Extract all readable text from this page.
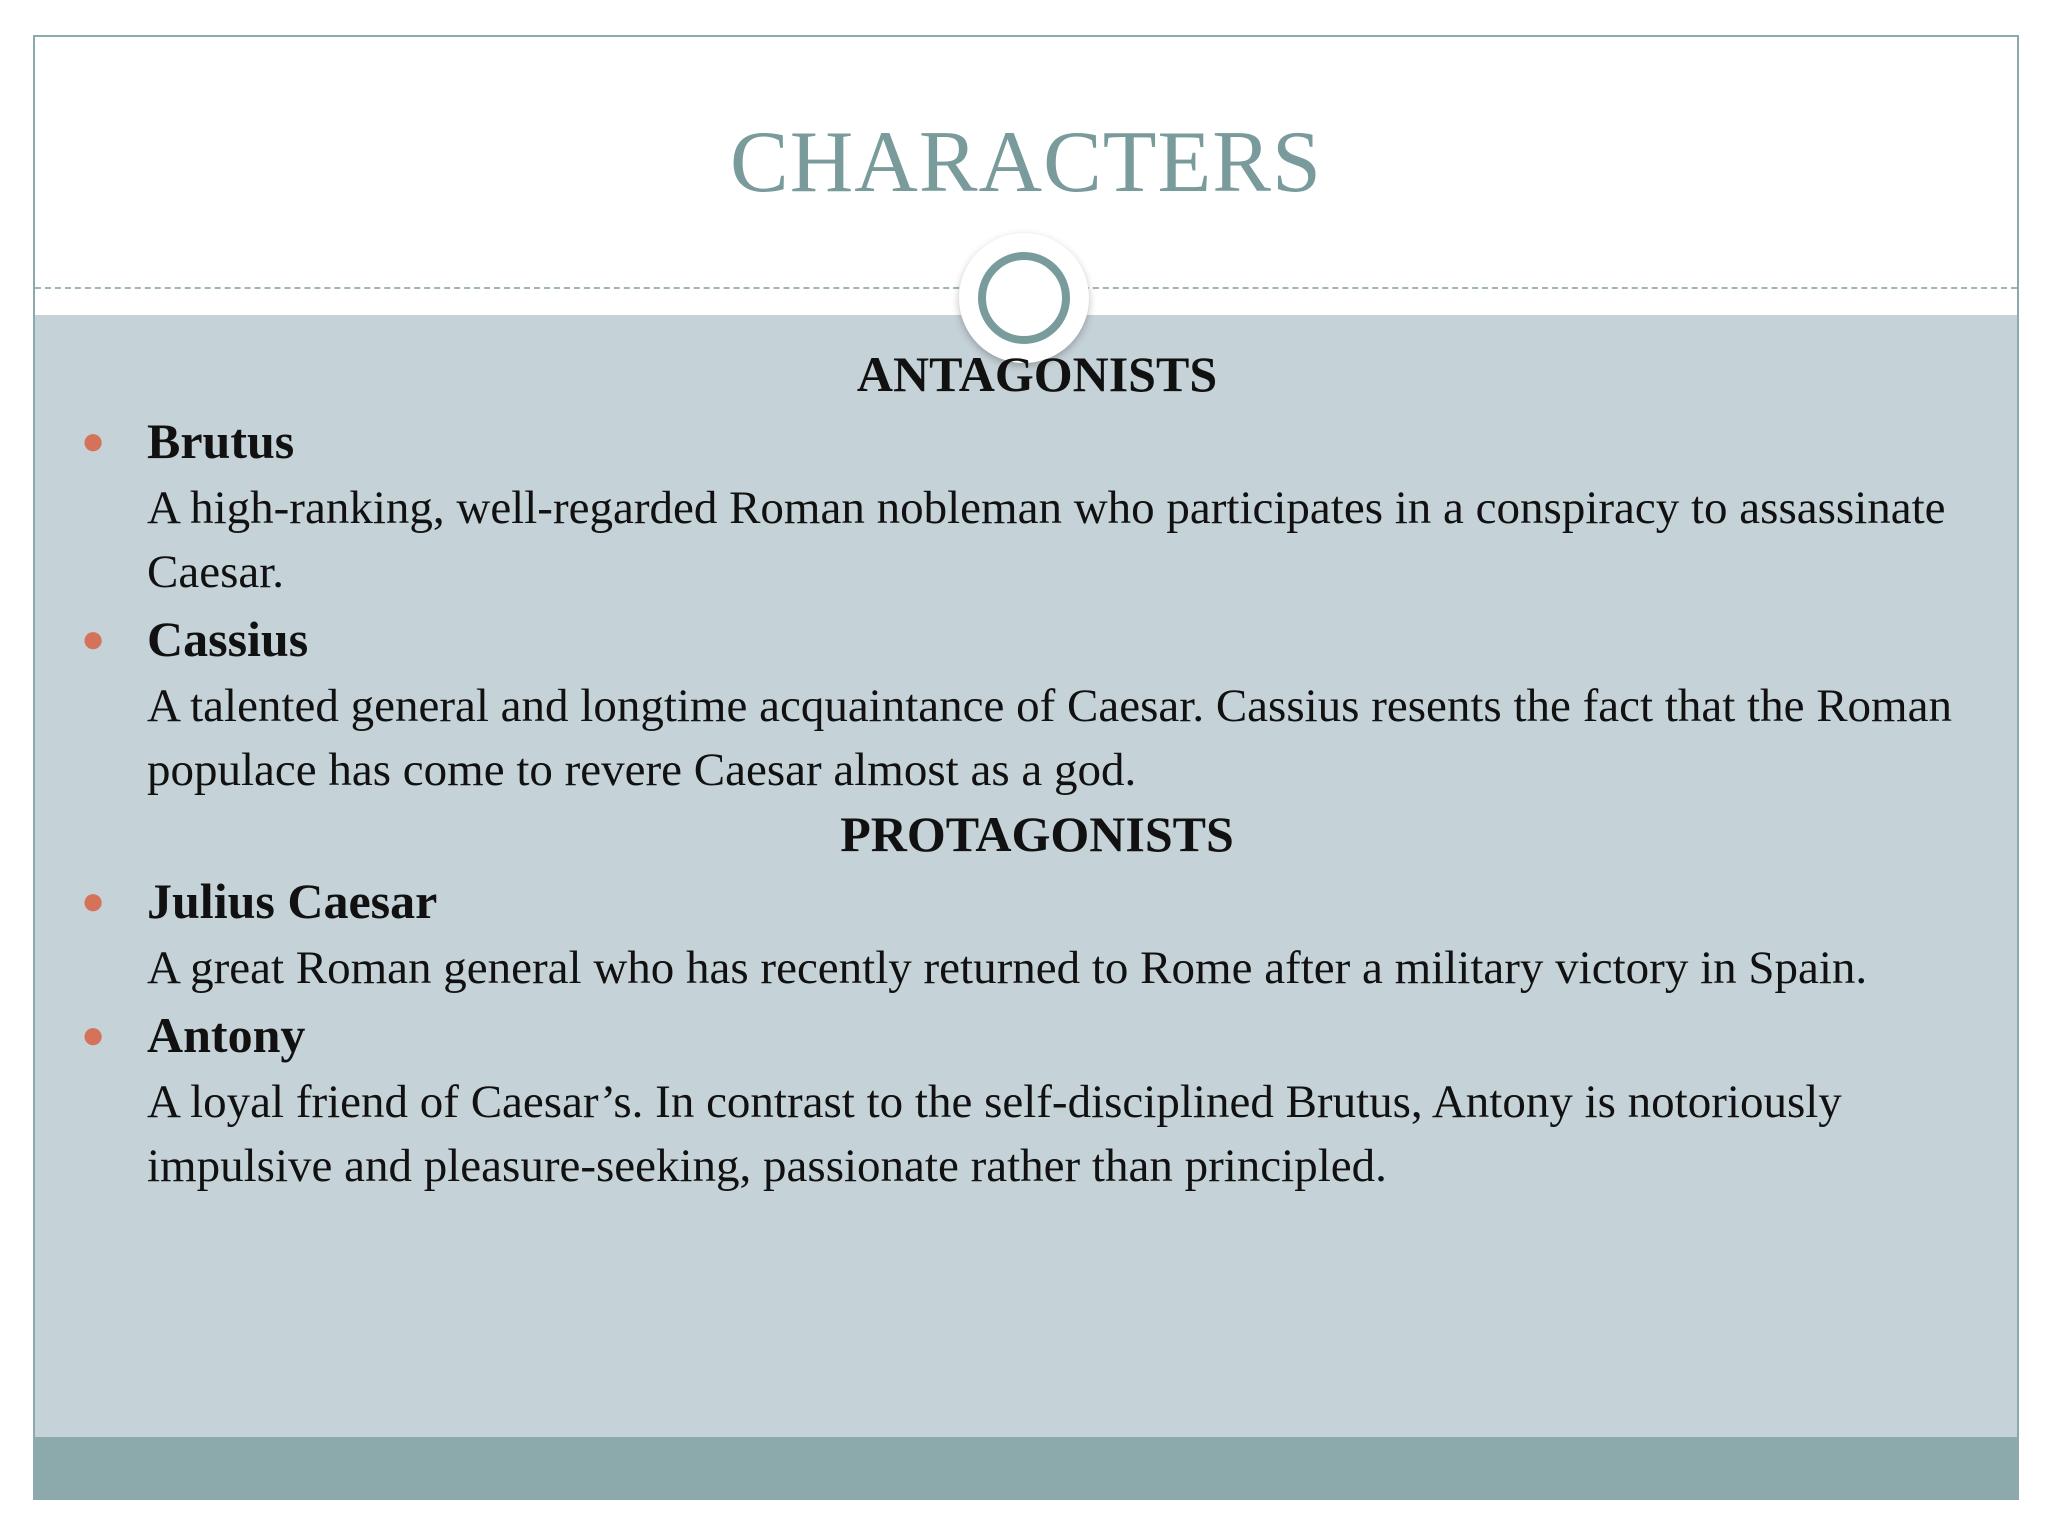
CHARACTERS
ANTAGONISTS
● Brutus
A high-ranking, well-regarded Roman nobleman who participates in a conspiracy to assassinate Caesar.
● Cassius
A talented general and longtime acquaintance of Caesar. Cassius resents the fact that the Roman populace has come to revere Caesar almost as a god.
PROTAGONISTS
● Julius Caesar
A great Roman general who has recently returned to Rome after a military victory in Spain.
● Antony
A loyal friend of Caesar’s. In contrast to the self-disciplined Brutus, Antony is notoriously impulsive and pleasure-seeking, passionate rather than principled.
